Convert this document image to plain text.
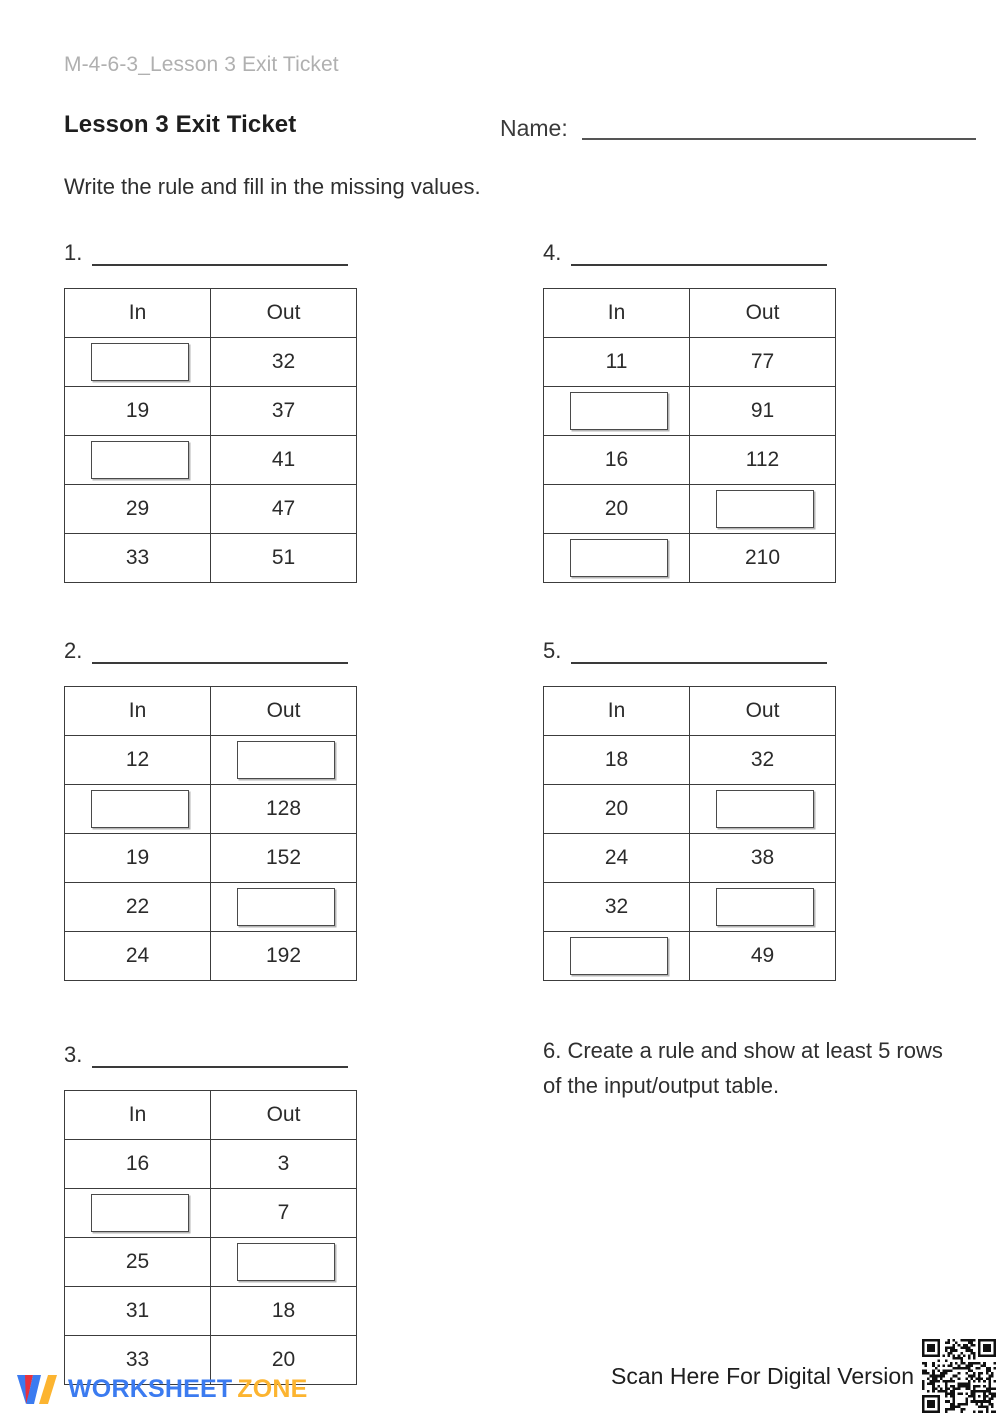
M-4-6-3_Lesson 3 Exit Ticket
Lesson 3 Exit Ticket	Name:
Write the rule and fill in the missing values.
1.
In	Out

	32
19	37

	41
29	47
33	51
2.
In	Out
12	

	128
19	152
22	

24	192
3.
In	Out
16	3

	7
25	

31	18
33	20
4.
In	Out
11	77

	91
16	112
20	

	210
5.
In	Out
18	32
20	

24	38
32	

	49
6. Create a rule and show at least 5 rows of the input/output table.
WORKSHEET ZONE	Scan Here For Digital Version
